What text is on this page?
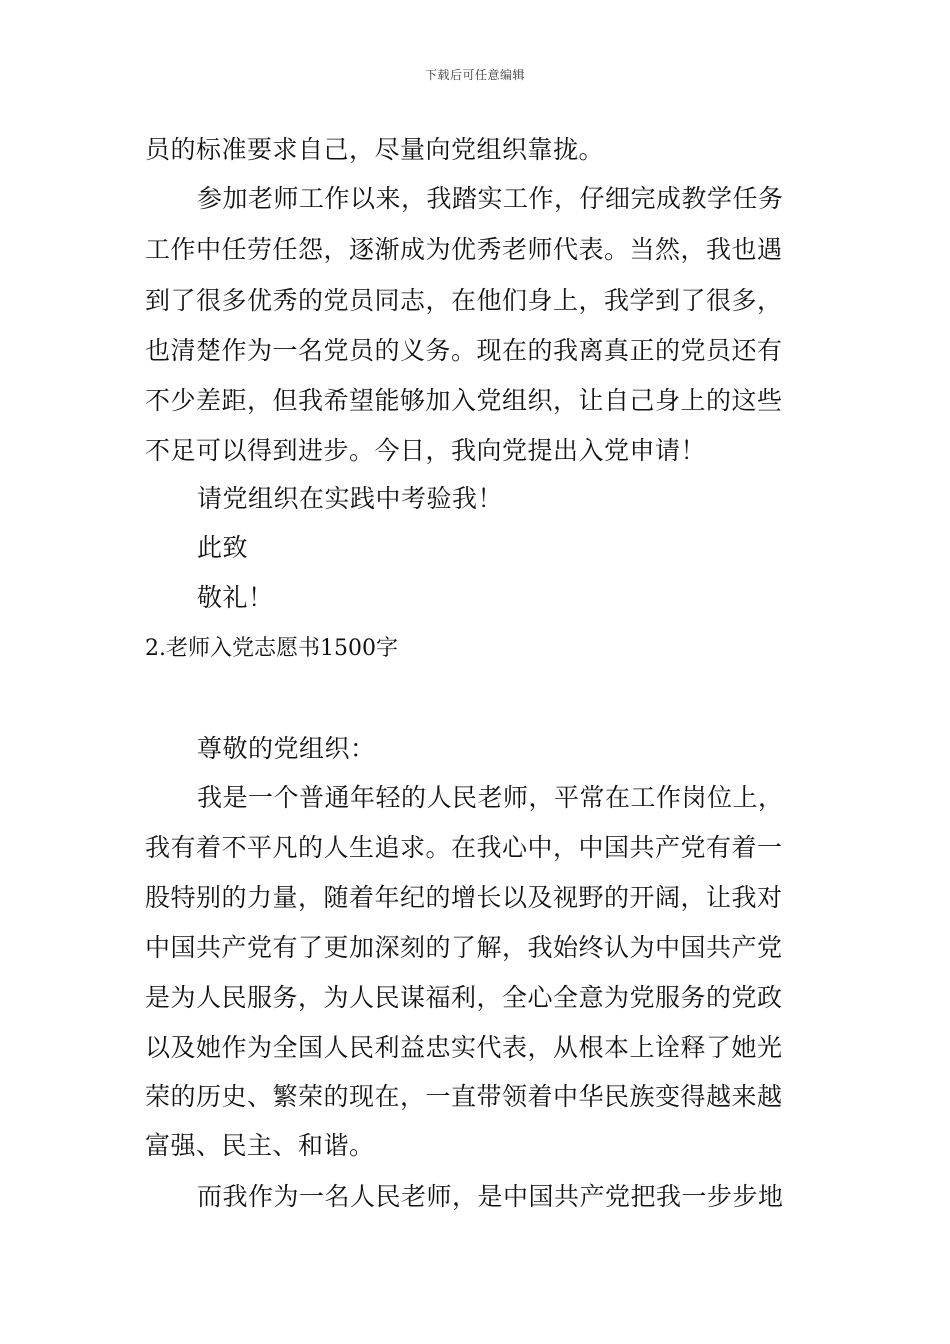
下载后可任意编辑
员的标准要求自己，尽量向党组织靠拢。
参加老师工作以来，我踏实工作，仔细完成教学任务
工作中任劳任怨，逐渐成为优秀老师代表。当然，我也遇
到了很多优秀的党员同志，在他们身上，我学到了很多，
也清楚作为一名党员的义务。现在的我离真正的党员还有
不少差距，但我希望能够加入党组织，让自己身上的这些
不足可以得到进步。今日，我向党提出入党申请！
请党组织在实践中考验我！
此致
敬礼！
2.老师入党志愿书1500字
尊敬的党组织：
我是一个普通年轻的人民老师，平常在工作岗位上，
我有着不平凡的人生追求。在我心中，中国共产党有着一
股特别的力量，随着年纪的增长以及视野的开阔，让我对
中国共产党有了更加深刻的了解，我始终认为中国共产党
是为人民服务，为人民谋福利，全心全意为党服务的党政
以及她作为全国人民利益忠实代表，从根本上诠释了她光
荣的历史、繁荣的现在，一直带领着中华民族变得越来越
富强、民主、和谐。
而我作为一名人民老师，是中国共产党把我一步步地
